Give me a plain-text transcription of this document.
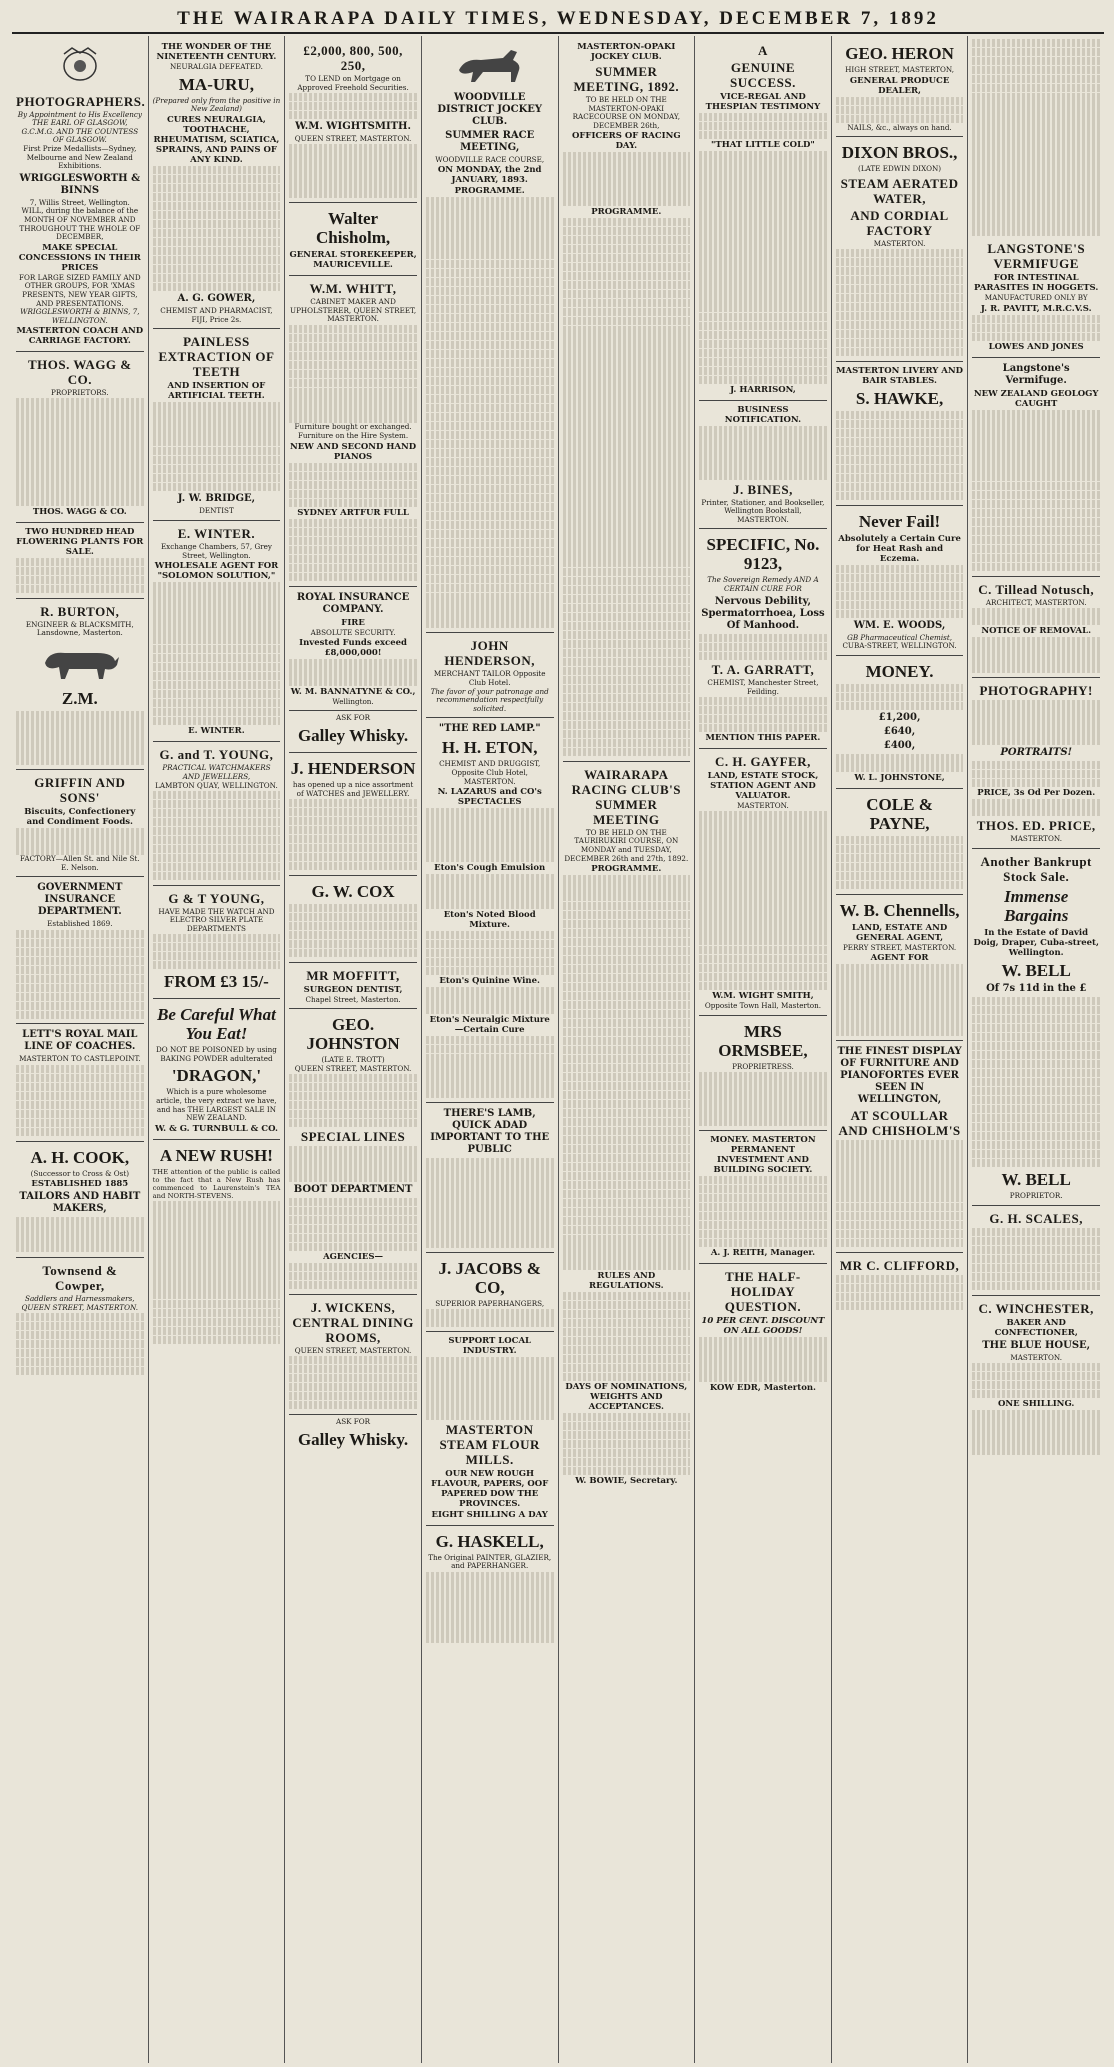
THE WAIRARAPA DAILY TIMES, WEDNESDAY, DECEMBER 7, 1892
PHOTOGRAPHERS.
By Appointment to His Excellency THE EARL OF GLASGOW, G.C.M.G. AND THE COUNTESS OF GLASGOW.
First Prize Medallists—Sydney, Melbourne and New Zealand Exhibitions.
WRIGGLESWORTH & BINNS
7, Willis Street, Wellington.
WILL, during the balance of the MONTH OF NOVEMBER AND THROUGHOUT THE WHOLE OF DECEMBER,
MAKE SPECIAL CONCESSIONS IN THEIR PRICES
FOR LARGE SIZED FAMILY AND OTHER GROUPS, FOR 'XMAS PRESENTS, NEW YEAR GIFTS, AND PRESENTATIONS.
WRIGGLESWORTH & BINNS, 7, WELLINGTON.
MASTERTON COACH AND CARRIAGE FACTORY.
THOS. WAGG & CO.
PROPRIETORS.
THOS. WAGG & CO.
TWO HUNDRED HEAD FLOWERING PLANTS FOR SALE.
R. BURTON,
ENGINEER & BLACKSMITH, Lansdowne, Masterton.
Z.M.
GRIFFIN AND SONS'
Biscuits, Confectionery and Condiment Foods.
FACTORY—Allen St. and Nile St. E. Nelson.
GOVERNMENT INSURANCE DEPARTMENT.
Established 1869.
LETT'S ROYAL MAIL LINE OF COACHES.
MASTERTON TO CASTLEPOINT.
A. H. COOK,
(Successor to Cross & Ost)
ESTABLISHED 1885
TAILORS AND HABIT MAKERS,
Townsend & Cowper,
Saddlers and Harnessmakers, QUEEN STREET, MASTERTON.
THE WONDER OF THE NINETEENTH CENTURY.
NEURALGIA DEFEATED.
MA-URU,
(Prepared only from the positive in New Zealand)
CURES NEURALGIA, TOOTHACHE, RHEUMATISM, SCIATICA, SPRAINS, AND PAINS OF ANY KIND.
A. G. GOWER,
CHEMIST AND PHARMACIST, FIJI, Price 2s.
PAINLESS EXTRACTION OF TEETH
AND INSERTION OF ARTIFICIAL TEETH.
J. W. BRIDGE,
DENTIST
E. WINTER.
Exchange Chambers, 57, Grey Street, Wellington.
WHOLESALE AGENT FOR "SOLOMON SOLUTION,"
E. WINTER.
G. and T. YOUNG,
PRACTICAL WATCHMAKERS AND JEWELLERS,
LAMBTON QUAY, WELLINGTON.
G & T YOUNG,
HAVE MADE THE WATCH AND ELECTRO SILVER PLATE DEPARTMENTS
FROM £3 15/-
Be Careful What You Eat!
DO NOT BE POISONED by using BAKING POWDER adulterated
'DRAGON,'
Which is a pure wholesome article, the very extract we have, and has THE LARGEST SALE IN NEW ZEALAND.
W. & G. TURNBULL & CO.
A NEW RUSH!
THE attention of the public is called to the fact that a New Rush has commenced to Laurenstein's TEA and NORTH-STEVENS.
£2,000, 800, 500, 250,
TO LEND on Mortgage on Approved Freehold Securities.
W.M. WIGHTSMITH.
QUEEN STREET, MASTERTON.
Walter Chisholm,
GENERAL STOREKEEPER, MAURICEVILLE.
W.M. WHITT,
CABINET MAKER AND UPHOLSTERER, QUEEN STREET, MASTERTON.
Furniture bought or exchanged.
Furniture on the Hire System.
NEW AND SECOND HAND PIANOS
SYDNEY ARTFUR FULL
ROYAL INSURANCE COMPANY.
FIRE
ABSOLUTE SECURITY.
Invested Funds exceed £8,000,000!
W. M. BANNATYNE & CO.,
Wellington.
ASK FOR
Galley Whisky.
J. HENDERSON
has opened up a nice assortment of WATCHES and JEWELLERY.
G. W. COX
MR MOFFITT,
SURGEON DENTIST,
Chapel Street, Masterton.
GEO. JOHNSTON
(LATE E. TROTT)
QUEEN STREET, MASTERTON.
SPECIAL LINES
BOOT DEPARTMENT
AGENCIES—
J. WICKENS, CENTRAL DINING ROOMS,
QUEEN STREET, MASTERTON.
ASK FOR
Galley Whisky.
WOODVILLE DISTRICT JOCKEY CLUB.
SUMMER RACE MEETING,
WOODVILLE RACE COURSE,
ON MONDAY, the 2nd JANUARY, 1893.
PROGRAMME.
JOHN HENDERSON,
MERCHANT TAILOR Opposite Club Hotel.
The favor of your patronage and recommendation respectfully solicited.
"THE RED LAMP."
H. H. ETON,
CHEMIST AND DRUGGIST, Opposite Club Hotel, MASTERTON.
N. LAZARUS and CO's SPECTACLES
Eton's Cough Emulsion
Eton's Noted Blood Mixture.
Eton's Quinine Wine.
Eton's Neuralgic Mixture—Certain Cure
THERE'S LAMB, QUICK ADAD IMPORTANT TO THE PUBLIC
J. JACOBS & CO,
SUPERIOR PAPERHANGERS,
SUPPORT LOCAL INDUSTRY.
MASTERTON STEAM FLOUR MILLS.
OUR NEW ROUGH FLAVOUR, PAPERS, OOF PAPERED DOW THE PROVINCES.
EIGHT SHILLING A DAY
G. HASKELL,
The Original PAINTER, GLAZIER, and PAPERHANGER.
MASTERTON-OPAKI JOCKEY CLUB.
SUMMER MEETING, 1892.
TO BE HELD ON THE MASTERTON-OPAKI RACECOURSE ON MONDAY, DECEMBER 26th,
OFFICERS OF RACING DAY.
PROGRAMME.
WAIRARAPA RACING CLUB'S SUMMER MEETING
TO BE HELD ON THE TAURIRUKIRI COURSE, ON MONDAY and TUESDAY, DECEMBER 26th and 27th, 1892.
PROGRAMME.
RULES AND REGULATIONS.
DAYS OF NOMINATIONS, WEIGHTS AND ACCEPTANCES.
W. BOWIE, Secretary.
A
GENUINE SUCCESS.
VICE-REGAL AND THESPIAN TESTIMONY
"THAT LITTLE COLD"
J. HARRISON,
BUSINESS NOTIFICATION.
J. BINES,
Printer, Stationer, and Bookseller, Wellington Bookstall, MASTERTON.
SPECIFIC, No. 9123,
The Sovereign Remedy AND A CERTAIN CURE FOR
Nervous Debility, Spermatorrhoea, Loss Of Manhood.
T. A. GARRATT,
CHEMIST, Manchester Street, Feilding.
MENTION THIS PAPER.
C. H. GAYFER,
LAND, ESTATE STOCK, STATION AGENT AND VALUATOR.
MASTERTON.
W.M. WIGHT SMITH,
Opposite Town Hall, Masterton.
MRS ORMSBEE,
PROPRIETRESS.
MONEY. MASTERTON PERMANENT INVESTMENT AND BUILDING SOCIETY.
A. J. REITH, Manager.
THE HALF-HOLIDAY QUESTION.
10 PER CENT. DISCOUNT ON ALL GOODS!
KOW EDR, Masterton.
GEO. HERON
HIGH STREET, MASTERTON,
GENERAL PRODUCE DEALER,
NAILS, &c., always on hand.
DIXON BROS.,
(LATE EDWIN DIXON)
STEAM AERATED WATER,
AND CORDIAL FACTORY
MASTERTON.
MASTERTON LIVERY AND BAIR STABLES.
S. HAWKE,
Never Fail!
Absolutely a Certain Cure for Heat Rash and Eczema.
WM. E. WOODS,
GB Pharmaceutical Chemist,
CUBA-STREET, WELLINGTON.
MONEY.
£1,200,
£640,
£400,
W. L. JOHNSTONE,
COLE & PAYNE,
W. B. Chennells,
LAND, ESTATE AND GENERAL AGENT,
PERRY STREET, MASTERTON.
AGENT FOR
THE FINEST DISPLAY OF FURNITURE AND PIANOFORTES EVER SEEN IN WELLINGTON,
AT SCOULLAR AND CHISHOLM'S
MR C. CLIFFORD,
LANGSTONE'S VERMIFUGE
FOR INTESTINAL PARASITES IN HOGGETS.
MANUFACTURED ONLY BY
J. R. PAVITT, M.R.C.V.S.
LOWES AND JONES
Langstone's Vermifuge.
NEW ZEALAND GEOLOGY CAUGHT
C. Tillead Notusch,
ARCHITECT, MASTERTON.
NOTICE OF REMOVAL.
PHOTOGRAPHY!
PORTRAITS!
PRICE, 3s Od Per Dozen.
THOS. ED. PRICE,
MASTERTON.
Another Bankrupt Stock Sale.
Immense Bargains
In the Estate of David Doig, Draper, Cuba-street, Wellington.
W. BELL
Of 7s 11d in the £
W. BELL
PROPRIETOR.
G. H. SCALES,
C. WINCHESTER,
BAKER AND CONFECTIONER,
THE BLUE HOUSE,
MASTERTON.
ONE SHILLING.
